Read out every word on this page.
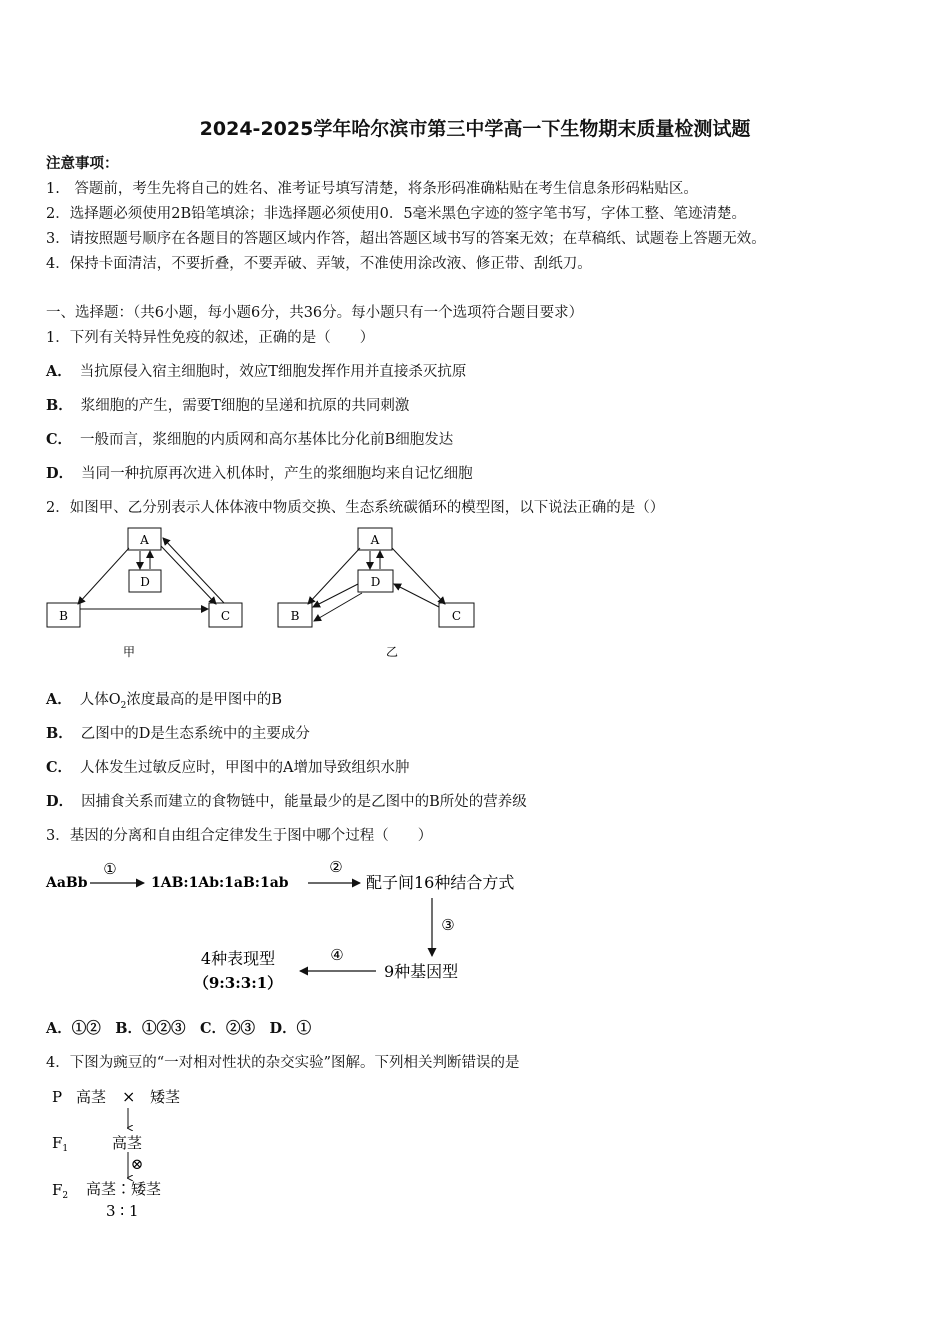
2024-2025学年哈尔滨市第三中学高一下生物期末质量检测试题
注意事项：
1.　答题前，考生先将自己的姓名、准考证号填写清楚，将条形码准确粘贴在考生信息条形码粘贴区。
2．选择题必须使用2B铅笔填涂；非选择题必须使用0．5毫米黑色字迹的签字笔书写，字体工整、笔迹清楚。
3．请按照题号顺序在各题目的答题区域内作答，超出答题区域书写的答案无效；在草稿纸、试题卷上答题无效。
4．保持卡面清洁，不要折叠，不要弄破、弄皱，不准使用涂改液、修正带、刮纸刀。
一、选择题：（共6小题，每小题6分，共36分。每小题只有一个选项符合题目要求）
1．下列有关特异性免疫的叙述，正确的是（　　）
A． 当抗原侵入宿主细胞时，效应T细胞发挥作用并直接杀灭抗原
B． 浆细胞的产生，需要T细胞的呈递和抗原的共同刺激
C． 一般而言，浆细胞的内质网和高尔基体比分化前B细胞发达
D． 当同一种抗原再次进入机体时，产生的浆细胞均来自记忆细胞
2．如图甲、乙分别表示人体体液中物质交换、生态系统碳循环的模型图，以下说法正确的是（）
A
D
B	C
A
D
B	C
甲	乙
A． 人体$O_2$浓度最高的是甲图中的B
B． 乙图中的D是生态系统中的主要成分
C． 人体发生过敏反应时，甲图中的A增加导致组织水肿
D． 因捕食关系而建立的食物链中，能量最少的是乙图中的B所处的营养级
3．基因的分离和自由组合定律发生于图中哪个过程（　　）
AaBb
①
1AB:1Ab:1aB:1ab
②
配子间16种结合方式
③
9种基因型
④
4种表现型
（9:3:3:1）
A．①②　B．①②③　C．②③　D．①
4．下图为豌豆的“一对相对性状的杂交实验”图解。下列相关判断错误的是
P 高茎 × 矮茎
$F_1$	高茎
⊗
$F_2$ 高茎∶矮茎
3 ∶ 1
